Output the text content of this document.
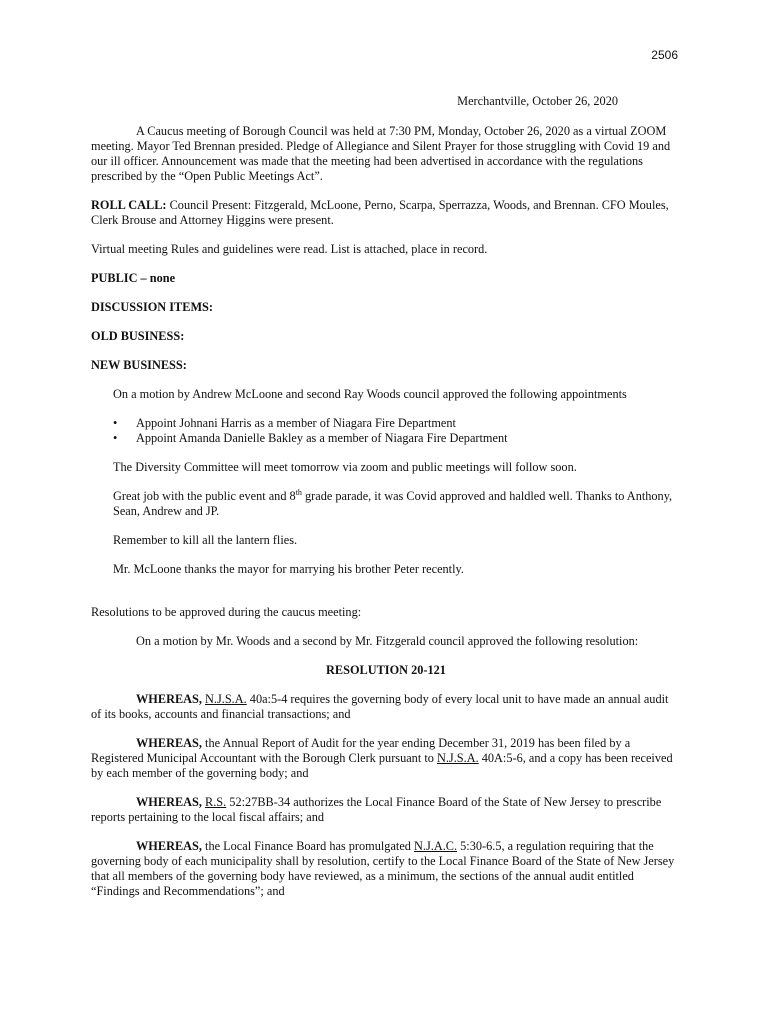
2506
Merchantville, October 26, 2020

A Caucus meeting of Borough Council was held at 7:30 PM, Monday, October 26, 2020 as a virtual ZOOM meeting. Mayor Ted Brennan presided. Pledge of Allegiance and Silent Prayer for those struggling with Covid 19 and our ill officer. Announcement was made that the meeting had been advertised in accordance with the regulations prescribed by the “Open Public Meetings Act”.

ROLL CALL: Council Present: Fitzgerald, McLoone, Perno, Scarpa, Sperrazza, Woods, and Brennan. CFO Moules, Clerk Brouse and Attorney Higgins were present.

Virtual meeting Rules and guidelines were read. List is attached, place in record.

PUBLIC – none

DISCUSSION ITEMS:

OLD BUSINESS:

NEW BUSINESS:

On a motion by Andrew McLoone and second Ray Woods council approved the following appointments

• Appoint Johnani Harris as a member of Niagara Fire Department
• Appoint Amanda Danielle Bakley as a member of Niagara Fire Department

The Diversity Committee will meet tomorrow via zoom and public meetings will follow soon.

Great job with the public event and 8th grade parade, it was Covid approved and haldled well. Thanks to Anthony, Sean, Andrew and JP.

Remember to kill all the lantern flies.

Mr. McLoone thanks the mayor for marrying his brother Peter recently.

Resolutions to be approved during the caucus meeting:

On a motion by Mr. Woods and a second by Mr. Fitzgerald council approved the following resolution:

RESOLUTION 20-121

WHEREAS, N.J.S.A. 40a:5-4 requires the governing body of every local unit to have made an annual audit of its books, accounts and financial transactions; and

WHEREAS, the Annual Report of Audit for the year ending December 31, 2019 has been filed by a Registered Municipal Accountant with the Borough Clerk pursuant to N.J.S.A. 40A:5-6, and a copy has been received by each member of the governing body; and

WHEREAS, R.S. 52:27BB-34 authorizes the Local Finance Board of the State of New Jersey to prescribe reports pertaining to the local fiscal affairs; and

WHEREAS, the Local Finance Board has promulgated N.J.A.C. 5:30-6.5, a regulation requiring that the governing body of each municipality shall by resolution, certify to the Local Finance Board of the State of New Jersey that all members of the governing body have reviewed, as a minimum, the sections of the annual audit entitled “Findings and Recommendations”; and
